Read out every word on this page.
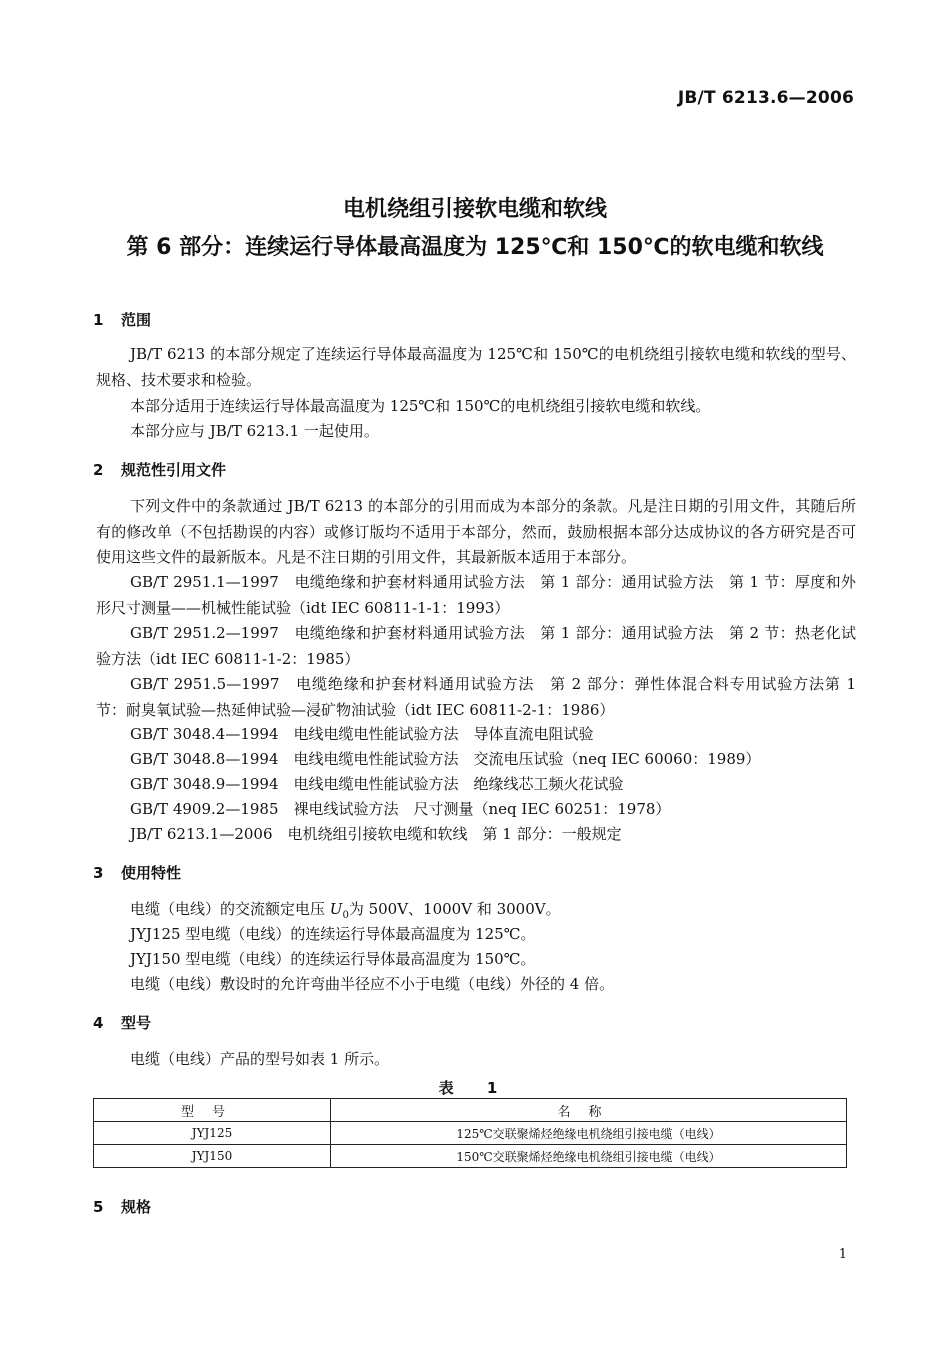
JB/T 6213.6—2006
电机绕组引接软电缆和软线
第 6 部分：连续运行导体最高温度为 125℃和 150℃的软电缆和软线
1 范围
JB/T 6213 的本部分规定了连续运行导体最高温度为 125℃和 150℃的电机绕组引接软电缆和软线的型号、规格、技术要求和检验。
本部分适用于连续运行导体最高温度为 125℃和 150℃的电机绕组引接软电缆和软线。
本部分应与 JB/T 6213.1 一起使用。
2 规范性引用文件
下列文件中的条款通过 JB/T 6213 的本部分的引用而成为本部分的条款。凡是注日期的引用文件，其随后所有的修改单（不包括勘误的内容）或修订版均不适用于本部分，然而，鼓励根据本部分达成协议的各方研究是否可使用这些文件的最新版本。凡是不注日期的引用文件，其最新版本适用于本部分。
GB/T 2951.1—1997　电缆绝缘和护套材料通用试验方法　第 1 部分：通用试验方法　第 1 节：厚度和外形尺寸测量——机械性能试验（idt IEC 60811-1-1：1993）
GB/T 2951.2—1997　电缆绝缘和护套材料通用试验方法　第 1 部分：通用试验方法　第 2 节：热老化试验方法（idt IEC 60811-1-2：1985）
GB/T 2951.5—1997　电缆绝缘和护套材料通用试验方法　第 2 部分：弹性体混合料专用试验方法第 1 节：耐臭氧试验—热延伸试验—浸矿物油试验（idt IEC 60811-2-1：1986）
GB/T 3048.4—1994　电线电缆电性能试验方法　导体直流电阻试验
GB/T 3048.8—1994　电线电缆电性能试验方法　交流电压试验（neq IEC 60060：1989）
GB/T 3048.9—1994　电线电缆电性能试验方法　绝缘线芯工频火花试验
GB/T 4909.2—1985　裸电线试验方法　尺寸测量（neq IEC 60251：1978）
JB/T 6213.1—2006　电机绕组引接软电缆和软线　第 1 部分：一般规定
3 使用特性
电缆（电线）的交流额定电压 $U_0$为 500V、1000V 和 3000V。
JYJ125 型电缆（电线）的连续运行导体最高温度为 125℃。
JYJ150 型电缆（电线）的连续运行导体最高温度为 150℃。
电缆（电线）敷设时的允许弯曲半径应不小于电缆（电线）外径的 4 倍。
4 型号
电缆（电线）产品的型号如表 1 所示。
表 1
型号	名称
JYJ125	125℃交联聚烯烃绝缘电机绕组引接电缆（电线）
JYJ150	150℃交联聚烯烃绝缘电机绕组引接电缆（电线）
5 规格
1
